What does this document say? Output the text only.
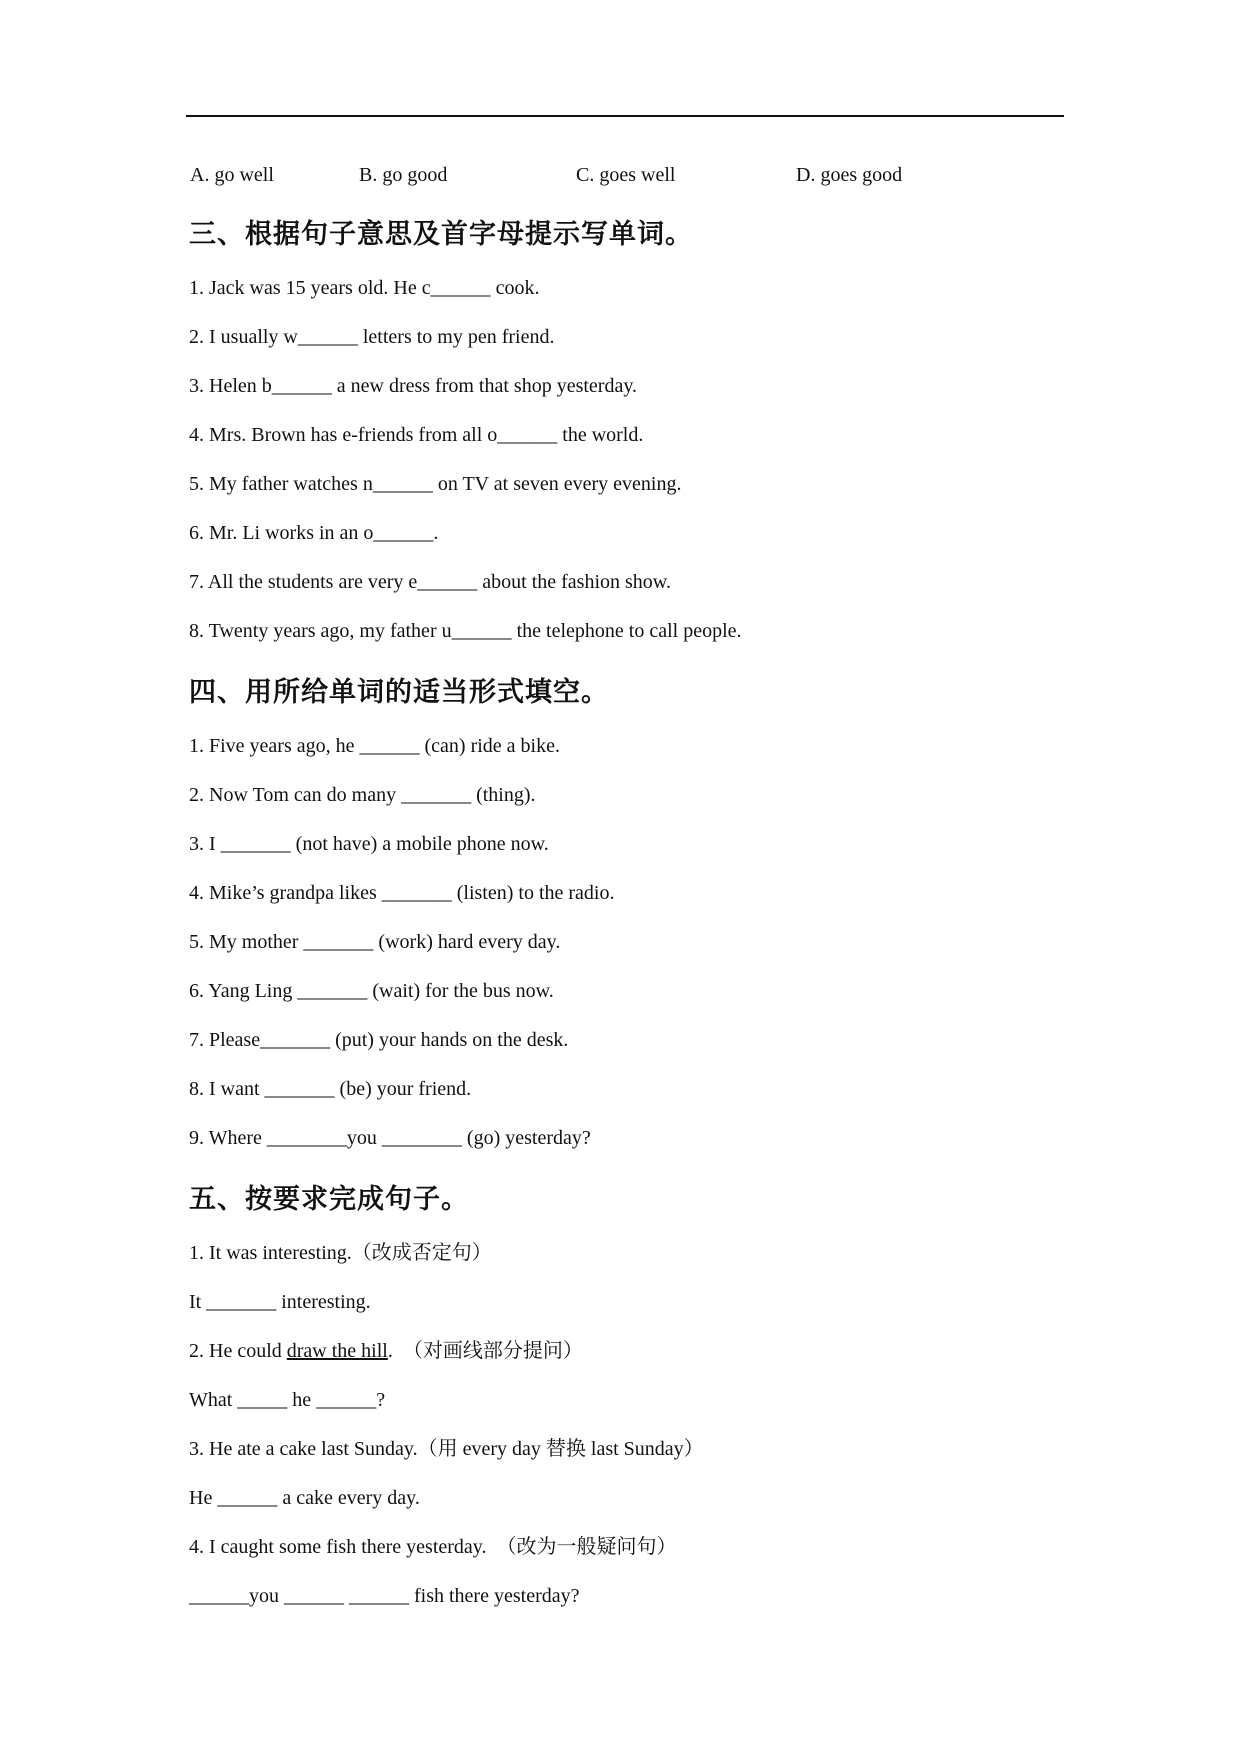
A. go well	B. go good	C. goes well	D. goes good
三、根据句子意思及首字母提示写单词。
1. Jack was 15 years old. He c______ cook.
2. I usually w______ letters to my pen friend.
3. Helen b______ a new dress from that shop yesterday.
4. Mrs. Brown has e-friends from all o______ the world.
5. My father watches n______ on TV at seven every evening.
6. Mr. Li works in an o______.
7. All the students are very e______ about the fashion show.
8. Twenty years ago, my father u______ the telephone to call people.
四、用所给单词的适当形式填空。
1. Five years ago, he ______ (can) ride a bike.
2. Now Tom can do many _______ (thing).
3. I _______ (not have) a mobile phone now.
4. Mike’s grandpa likes _______ (listen) to the radio.
5. My mother _______ (work) hard every day.
6. Yang Ling _______ (wait) for the bus now.
7. Please_______ (put) your hands on the desk.
8. I want _______ (be) your friend.
9. Where ________you ________ (go) yesterday?
五、按要求完成句子。
1. It was interesting.（改成否定句）
It _______ interesting.
2. He could draw the hill.  （对画线部分提问）
What _____ he ______?
3. He ate a cake last Sunday.（用 every day 替换 last Sunday）
He ______ a cake every day.
4. I caught some fish there yesterday.  （改为一般疑问句）
______you ______ ______ fish there yesterday?
